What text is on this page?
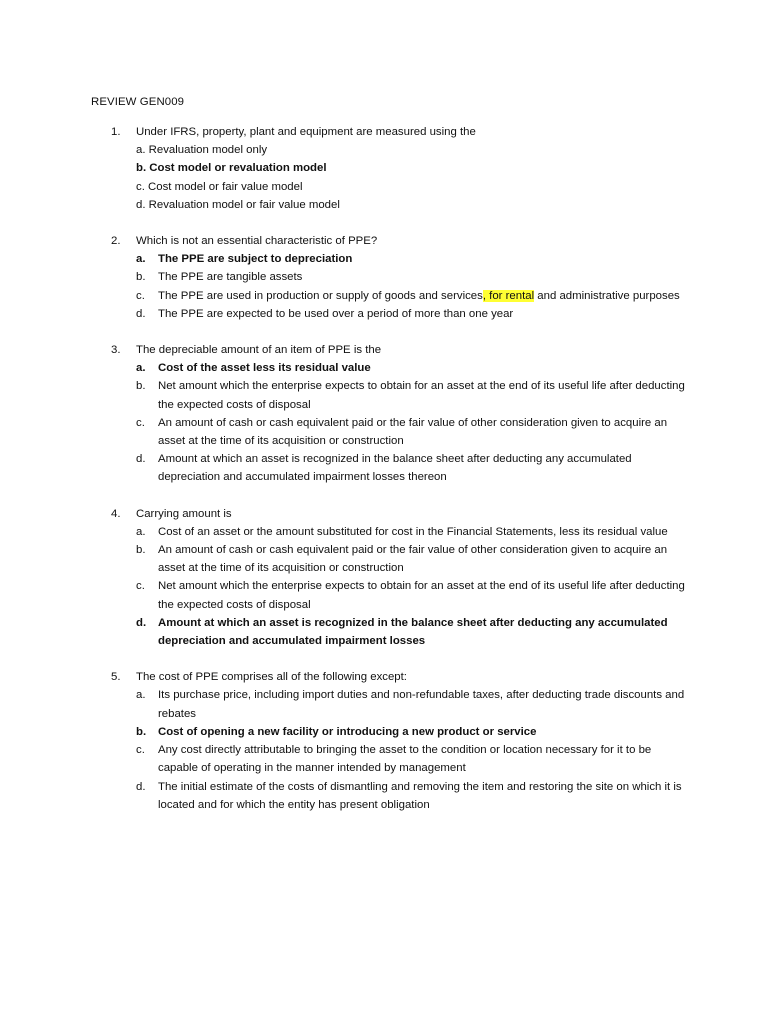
REVIEW GEN009
1.	Under IFRS, property, plant and equipment are measured using the
a. Revaluation model only
b. Cost model or revaluation model
c. Cost model or fair value model
d. Revaluation model or fair value model
2.	Which is not an essential characteristic of PPE?
a.	The PPE are subject to depreciation
b.	The PPE are tangible assets
c.	The PPE are used in production or supply of goods and services, for rental and administrative purposes
d.	The PPE are expected to be used over a period of more than one year
3.	The depreciable amount of an item of PPE is the
a.	Cost of the asset less its residual value
b.	Net amount which the enterprise expects to obtain for an asset at the end of its useful life after deducting the expected costs of disposal
c.	An amount of cash or cash equivalent paid or the fair value of other consideration given to acquire an asset at the time of its acquisition or construction
d.	Amount at which an asset is recognized in the balance sheet after deducting any accumulated depreciation and accumulated impairment losses thereon
4.	Carrying amount is
a.	Cost of an asset or the amount substituted for cost in the Financial Statements, less its residual value
b.	An amount of cash or cash equivalent paid or the fair value of other consideration given to acquire an asset at the time of its acquisition or construction
c.	Net amount which the enterprise expects to obtain for an asset at the end of its useful life after deducting the expected costs of disposal
d.	Amount at which an asset is recognized in the balance sheet after deducting any accumulated depreciation and accumulated impairment losses
5.	The cost of PPE comprises all of the following except:
a.	Its purchase price, including import duties and non-refundable taxes, after deducting trade discounts and rebates
b.	Cost of opening a new facility or introducing a new product or service
c.	Any cost directly attributable to bringing the asset to the condition or location necessary for it to be capable of operating in the manner intended by management
d.	The initial estimate of the costs of dismantling and removing the item and restoring the site on which it is located and for which the entity has present obligation
